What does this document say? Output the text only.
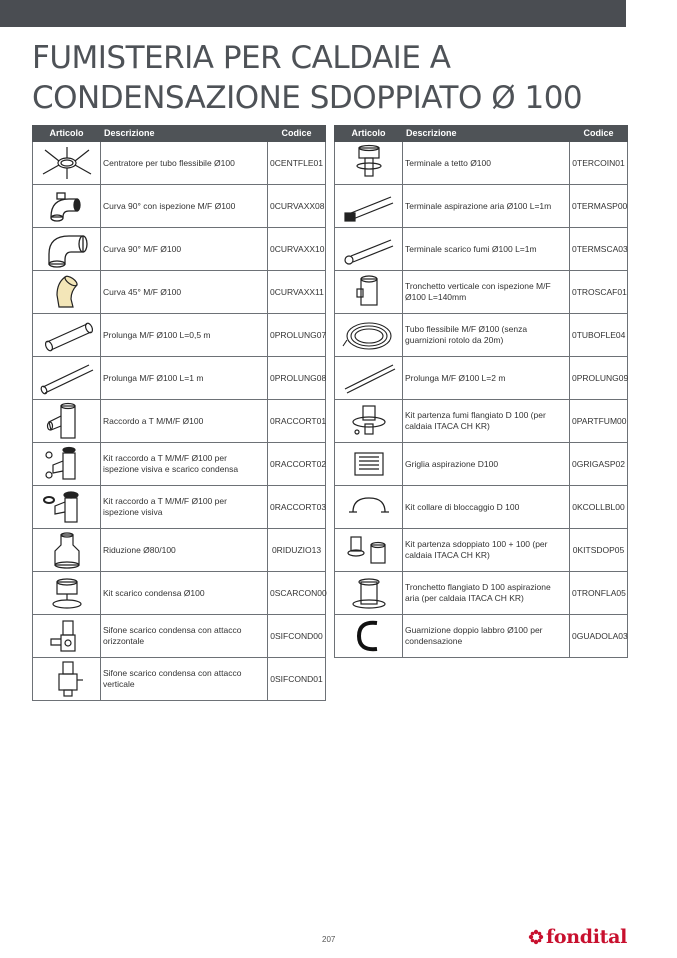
FUMISTERIA PER CALDAIE A
CONDENSAZIONE SDOPPIATO Ø 100
Articolo	Descrizione	Codice

	Centratore per tubo flessibile Ø100	0CENTFLE01

	Curva 90° con ispezione M/F Ø100	0CURVAXX08

	Curva 90° M/F Ø100	0CURVAXX10

	Curva 45° M/F Ø100	0CURVAXX11

	Prolunga M/F Ø100 L=0,5 m	0PROLUNG07

	Prolunga M/F Ø100 L=1 m	0PROLUNG08

	Raccordo a T M/M/F Ø100	0RACCORT01

	Kit raccordo a T M/M/F Ø100 per ispezione visiva e scarico condensa	0RACCORT02

	Kit raccordo a T M/M/F Ø100 per ispezione visiva	0RACCORT03

	Riduzione Ø80/100	0RIDUZIO13

	Kit scarico condensa Ø100	0SCARCON00

	Sifone scarico condensa con attacco orizzontale	0SIFCOND00

	Sifone scarico condensa con attacco verticale	0SIFCOND01
Articolo	Descrizione	Codice

	Terminale a tetto Ø100	0TERCOIN01

	Terminale aspirazione aria Ø100 L=1m	0TERMASP00

	Terminale scarico fumi Ø100 L=1m	0TERMSCA03

	Tronchetto verticale con ispezione M/F Ø100 L=140mm	0TROSCAF01

	Tubo flessibile M/F Ø100 (senza guarnizioni rotolo da 20m)	0TUBOFLE04

	Prolunga M/F Ø100 L=2 m	0PROLUNG09

	Kit partenza fumi flangiato D 100 (per caldaia ITACA CH KR)	0PARTFUM00

	Griglia aspirazione D100	0GRIGASP02

	Kit collare di bloccaggio D 100	0KCOLLBL00

	Kit partenza sdoppiato 100 + 100 (per caldaia ITACA CH KR)	0KITSDOP05

	Tronchetto flangiato D 100 aspirazione aria (per caldaia ITACA CH KR)	0TRONFLA05

	Guarnizione doppio labbro Ø100 per condensazione	0GUADOLA03
207	fondital
